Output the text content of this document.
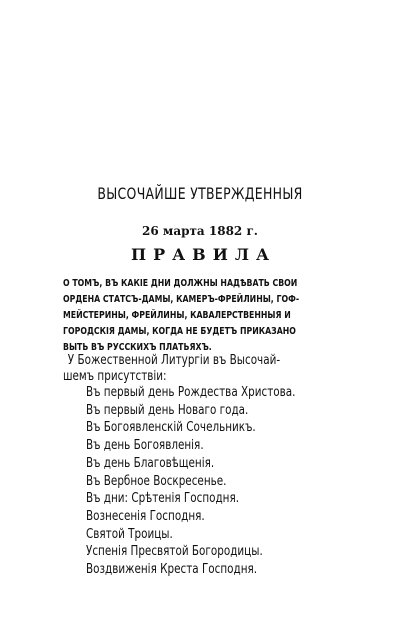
ВЫСОЧАЙШЕ УТВЕРЖДЕННЫЯ
26 марта 1882 г.
ПРАВИЛА

О ТОМЪ, ВЪ КАКІЕ ДНИ ДОЛЖНЫ НАДѢВАТЬ СВОИ
ОРДЕНА СТАТСЪ-ДАМЫ, КАМЕРЪ-ФРЕЙЛИНЫ, ГОФ-
МЕЙСТЕРИНЫ, ФРЕЙЛИНЫ, КАВАЛЕРСТВЕННЫЯ И
ГОРОДСКІЯ ДАМЫ, КОГДА НЕ БУДЕТЪ ПРИКАЗАНО
ВЫТЬ ВЪ РУССКИХЪ ПЛАТЬЯХЪ.

У Божественной Литургіи въ Высочай-
шемъ присутствіи:

Въ первый день Рождества Христова.
Въ первый день Новаго года.
Въ Богоявленскій Сочельникъ.
Въ день Богоявленія.
Въ день Благовѣщенія.
Въ Вербное Воскресенье.
Въ дни: Срѣтенія Господня.
Вознесенія Господня.
Святой Троицы.
Успенія Пресвятой Богородицы.
Воздвиженія Креста Господня.
